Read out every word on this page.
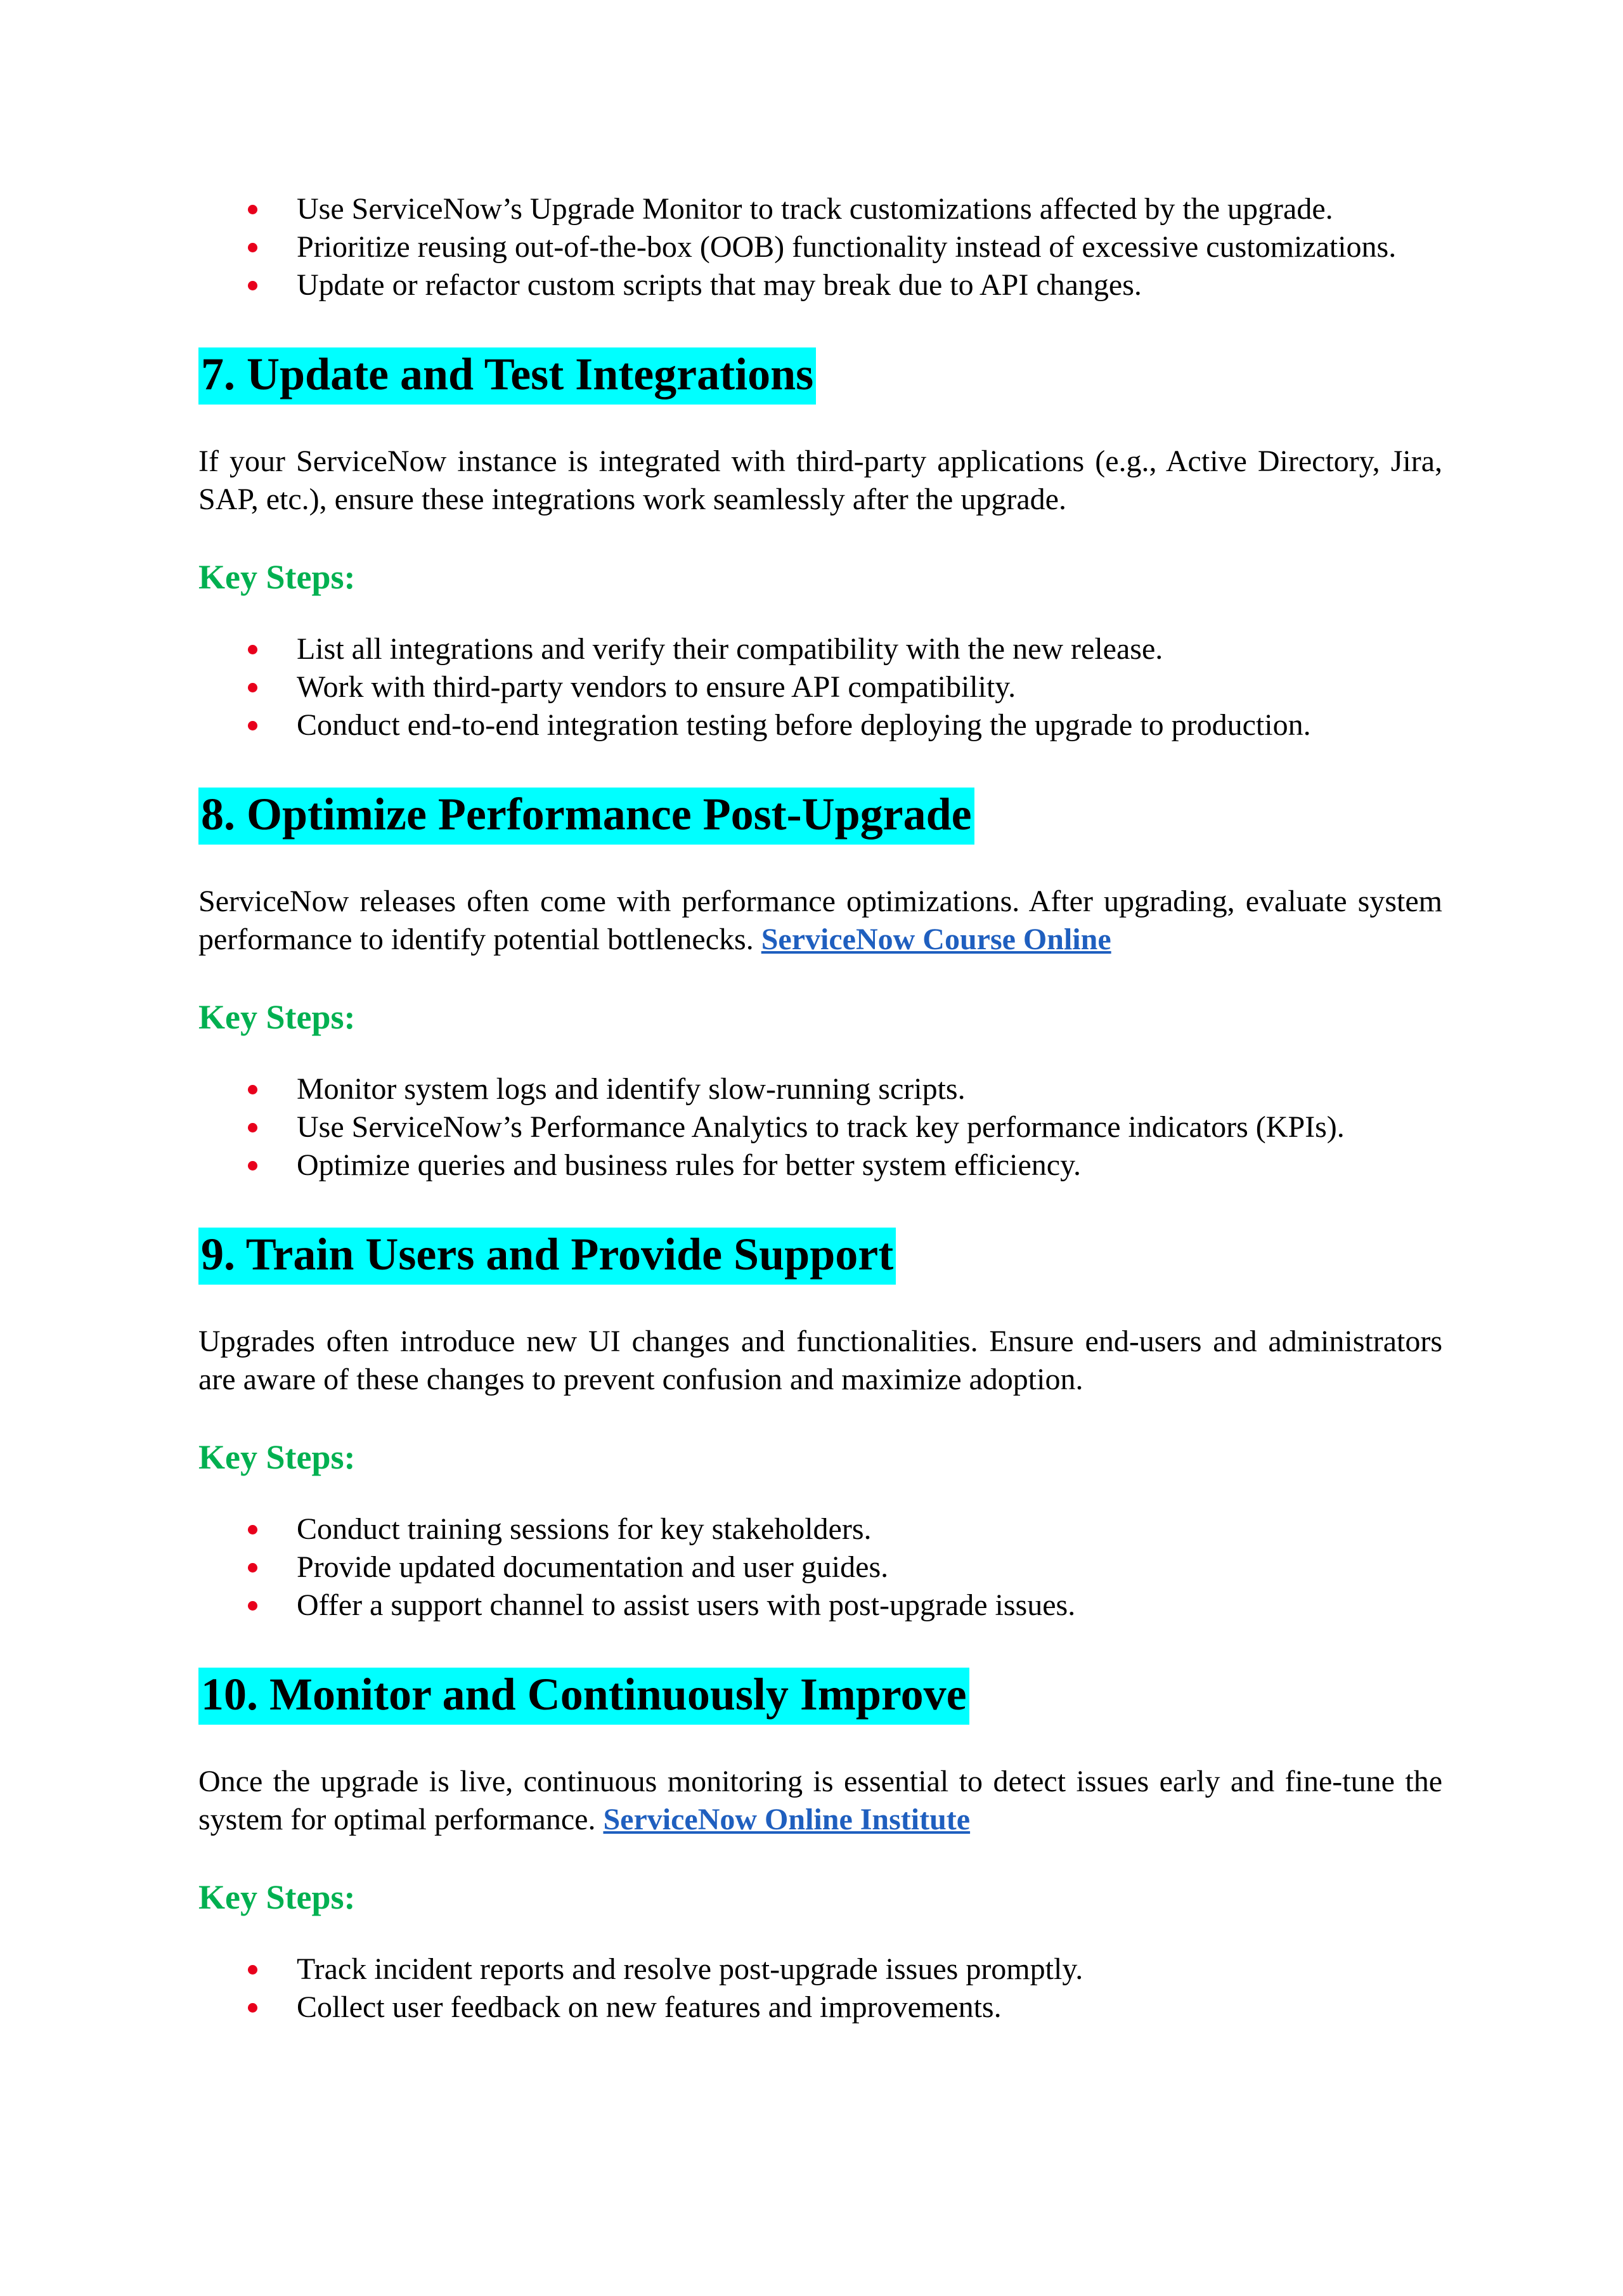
Use ServiceNow’s Upgrade Monitor to track customizations affected by the upgrade.
Prioritize reusing out-of-the-box (OOB) functionality instead of excessive customizations.
Update or refactor custom scripts that may break due to API changes.
7. Update and Test Integrations

If your ServiceNow instance is integrated with third-party applications (e.g., Active Directory, Jira, SAP, etc.), ensure these integrations work seamlessly after the upgrade.

Key Steps:

List all integrations and verify their compatibility with the new release.
Work with third-party vendors to ensure API compatibility.
Conduct end-to-end integration testing before deploying the upgrade to production.
8. Optimize Performance Post-Upgrade

ServiceNow releases often come with performance optimizations. After upgrading, evaluate system performance to identify potential bottlenecks. ServiceNow Course Online

Key Steps:

Monitor system logs and identify slow-running scripts.
Use ServiceNow’s Performance Analytics to track key performance indicators (KPIs).
Optimize queries and business rules for better system efficiency.
9. Train Users and Provide Support

Upgrades often introduce new UI changes and functionalities. Ensure end-users and administrators are aware of these changes to prevent confusion and maximize adoption.

Key Steps:

Conduct training sessions for key stakeholders.
Provide updated documentation and user guides.
Offer a support channel to assist users with post-upgrade issues.
10. Monitor and Continuously Improve

Once the upgrade is live, continuous monitoring is essential to detect issues early and fine-tune the system for optimal performance. ServiceNow Online Institute

Key Steps:

Track incident reports and resolve post-upgrade issues promptly.
Collect user feedback on new features and improvements.
